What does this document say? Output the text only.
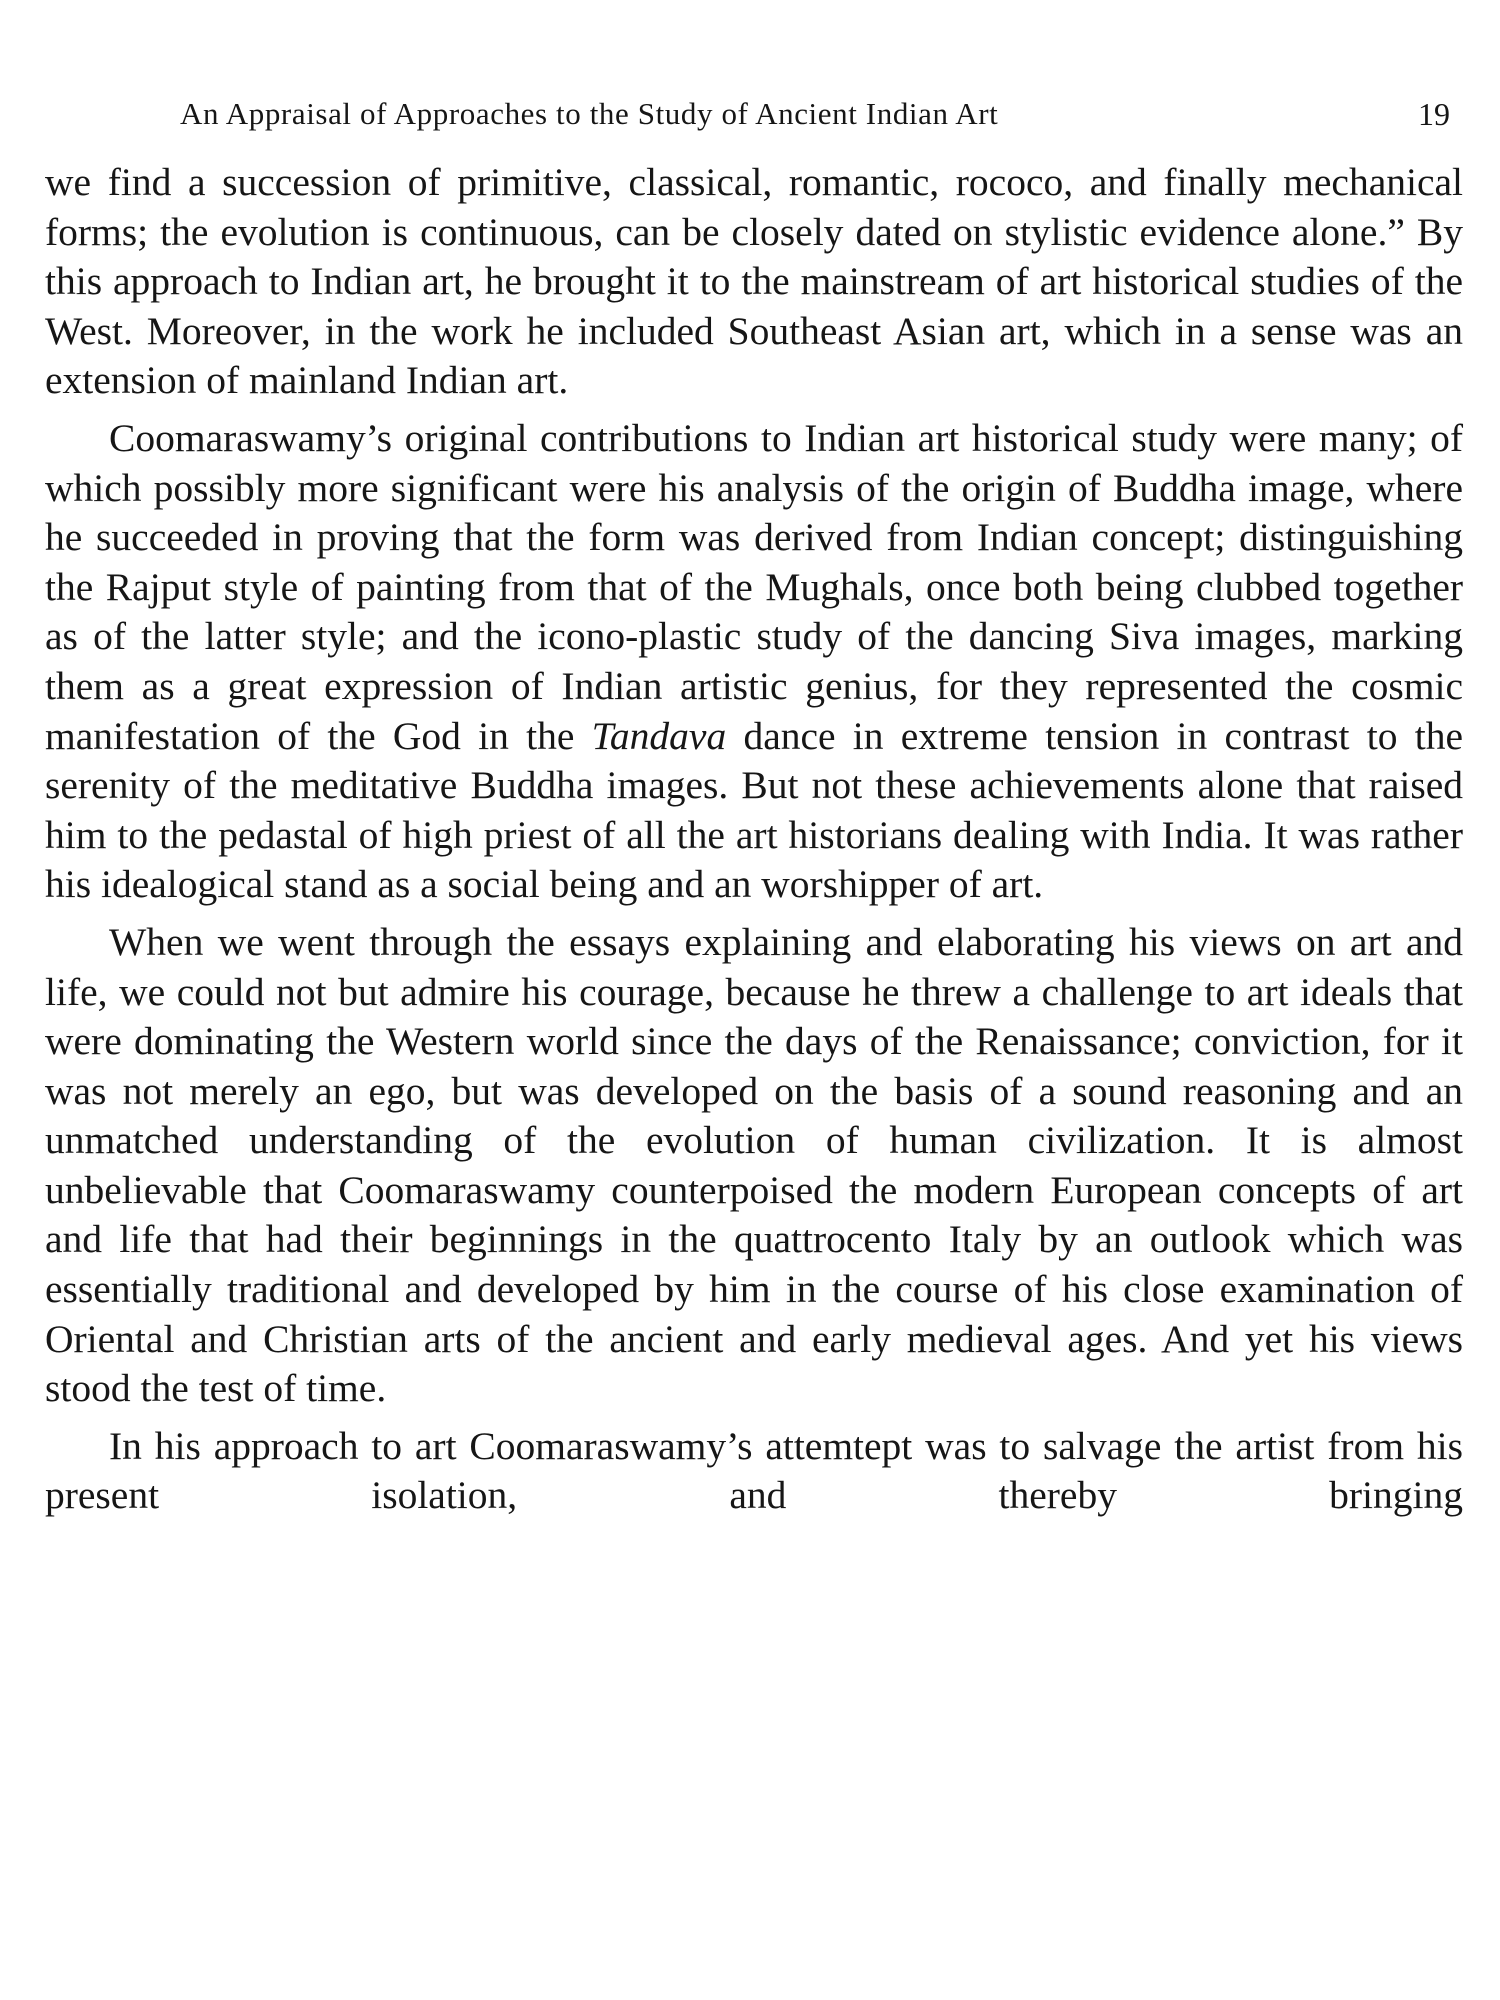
An Appraisal of Approaches to the Study of Ancient Indian Art	19

we find a succession of primitive, classical, romantic, rococo, and finally mechanical forms; the evolution is continuous, can be closely dated on stylistic evidence alone.” By this approach to Indian art, he brought it to the mainstream of art historical studies of the West. Moreover, in the work he included Southeast Asian art, which in a sense was an extension of mainland Indian art.

Coomaraswamy’s original contributions to Indian art historical study were many; of which possibly more significant were his analysis of the origin of Buddha image, where he succeeded in proving that the form was derived from Indian concept; distinguishing the Rajput style of painting from that of the Mughals, once both being clubbed together as of the latter style; and the icono-plastic study of the dancing Siva images, marking them as a great expression of Indian artistic genius, for they represented the cosmic manifestation of the God in the Tandava dance in extreme tension in contrast to the serenity of the meditative Buddha images. But not these achievements alone that raised him to the pedastal of high priest of all the art historians dealing with India. It was rather his idealogical stand as a social being and an worshipper of art.

When we went through the essays explaining and elaborating his views on art and life, we could not but admire his courage, because he threw a challenge to art ideals that were dominating the Western world since the days of the Renaissance; conviction, for it was not merely an ego, but was developed on the basis of a sound reasoning and an unmatched understanding of the evolution of human civilization. It is almost unbelievable that Coomaraswamy counterpoised the modern European concepts of art and life that had their beginnings in the quattrocento Italy by an outlook which was essentially traditional and developed by him in the course of his close examination of Oriental and Christian arts of the ancient and early medieval ages. And yet his views stood the test of time.

In his approach to art Coomaraswamy’s attemtept was to salvage the artist from his present isolation, and thereby bringing
